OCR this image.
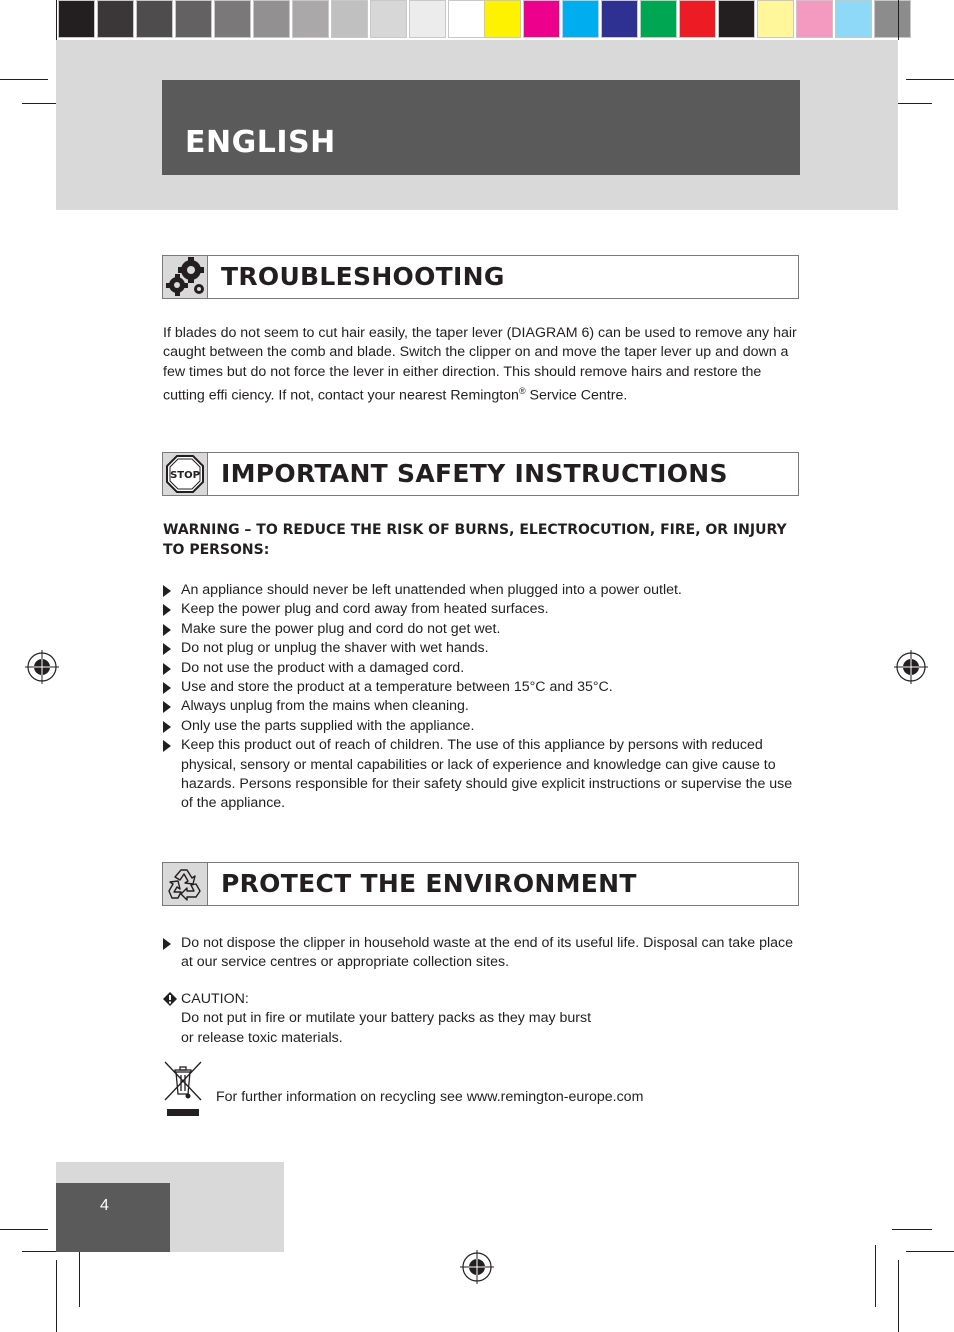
ENGLISH
TROUBLESHOOTING
If blades do not seem to cut hair easily, the taper lever (DIAGRAM 6) can be used to remove any hair caught between the comb and blade. Switch the clipper on and move the taper lever up and down a few times but do not force the lever in either direction. This should remove hairs and restore the cutting effi ciency. If not, contact your nearest Remington® Service Centre.
STOP IMPORTANT SAFETY INSTRUCTIONS
WARNING – TO REDUCE THE RISK OF BURNS, ELECTROCUTION, FIRE, OR INJURY TO PERSONS:
An appliance should never be left unattended when plugged into a power outlet.
Keep the power plug and cord away from heated surfaces.
Make sure the power plug and cord do not get wet.
Do not plug or unplug the shaver with wet hands.
Do not use the product with a damaged cord.
Use and store the product at a temperature between 15°C and 35°C.
Always unplug from the mains when cleaning.
Only use the parts supplied with the appliance.
Keep this product out of reach of children. The use of this appliance by persons with reduced physical, sensory or mental capabilities or lack of experience and knowledge can give cause to hazards. Persons responsible for their safety should give explicit instructions or supervise the use of the appliance.
PROTECT THE ENVIRONMENT
Do not dispose the clipper in household waste at the end of its useful life. Disposal can take place at our service centres or appropriate collection sites.
CAUTION:
Do not put in fire or mutilate your battery packs as they may burst
or release toxic materials.
For further information on recycling see www.remington-europe.com
4
